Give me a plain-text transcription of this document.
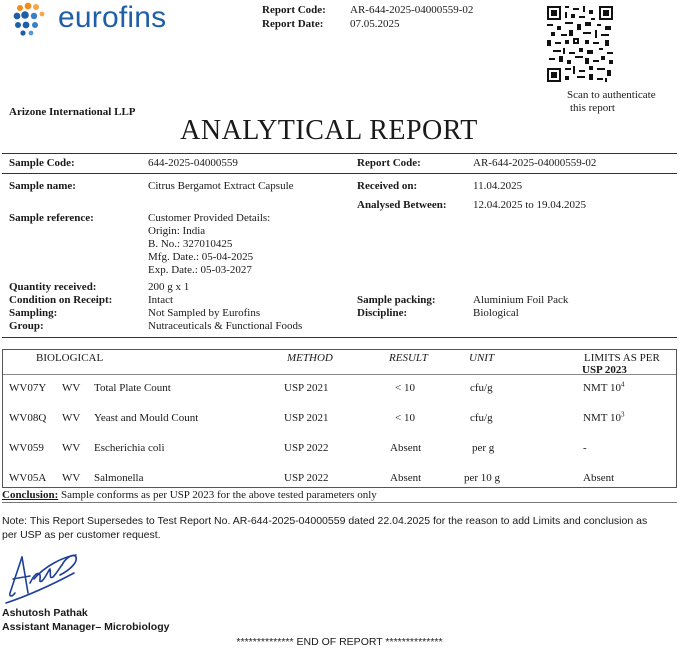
eurofins	Report Code: AR-644-2025-04000559-02
Report Date: 07.05.2025
Scan to authenticate
this report
Arizone International LLP
ANALYTICAL REPORT
Sample Code:	644-2025-04000559	Report Code:	AR-644-2025-04000559-02
Sample name:	Citrus Bergamot Extract Capsule	Received on:	11.04.2025
Analysed Between: 12.04.2025 to 19.04.2025
Sample reference:	Customer Provided Details:
Origin: India
B. No.: 327010425
Mfg. Date.: 05-04-2025
Exp. Date.: 05-03-2027
Quantity received:	200 g x 1
Condition on Receipt:	Intact	Sample packing:	Aluminium Foil Pack
Sampling:	Not Sampled by Eurofins	Discipline:	Biological
Group:	Nutraceuticals & Functional Foods
BIOLOGICAL	METHOD	RESULT	UNIT	LIMITS AS PER
USP 2023
WV07Y WV Total Plate Count	USP 2021	< 10	cfu/g	NMT $10^4$
WV08Q WV Yeast and Mould Count	USP 2021	< 10	cfu/g	NMT $10^3$
WV059 WV Escherichia coli	USP 2022	Absent	per g	-
WV05A WV Salmonella	USP 2022	Absent	per 10 g	Absent
Conclusion: Sample conforms as per USP 2023 for the above tested parameters only
Note: This Report Supersedes to Test Report No. AR-644-2025-04000559 dated 22.04.2025 for the reason to add Limits and conclusion as per USP as per customer request.
Ashutosh Pathak
Assistant Manager– Microbiology
************** END OF REPORT **************
